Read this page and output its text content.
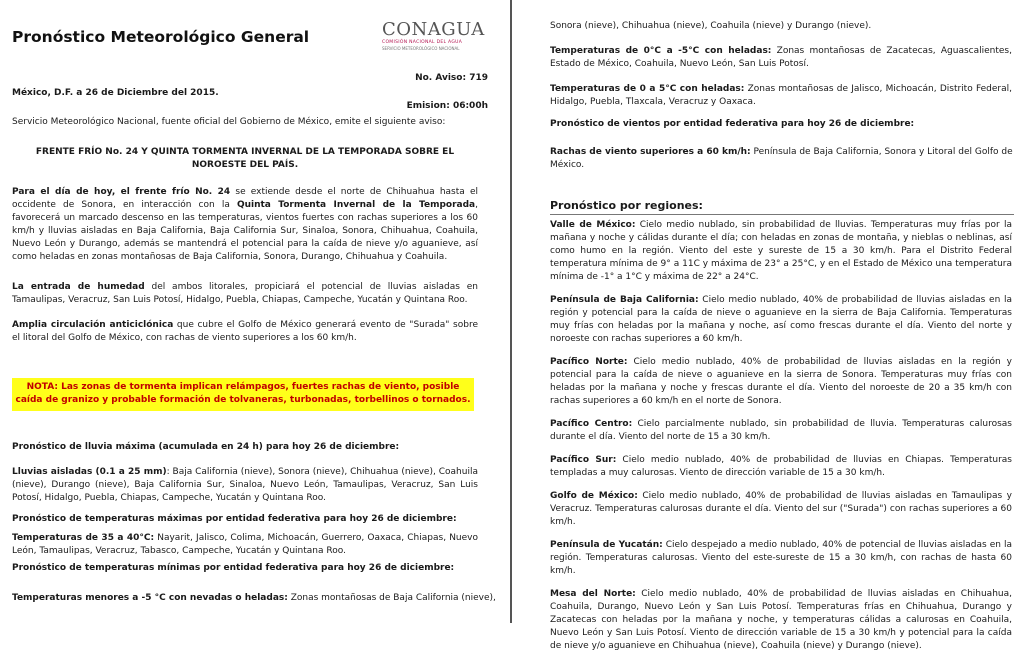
Pronóstico Meteorológico General	CONAGUA
COMISIÓN NACIONAL DEL AGUA
SERVICIO METEOROLÓGICO NACIONAL

No. Aviso: 719

México, D.F. a 26 de Diciembre del 2015.

Emision: 06:00h

Servicio Meteorológico Nacional, fuente oficial del Gobierno de México, emite el siguiente aviso:

FRENTE FRÍO No. 24 Y QUINTA TORMENTA INVERNAL DE LA TEMPORADA SOBRE EL NOROESTE DEL PAÍS.

Para el día de hoy, el frente frío No. 24 se extiende desde el norte de Chihuahua hasta el occidente de Sonora, en interacción con la Quinta Tormenta Invernal de la Temporada, favorecerá un marcado descenso en las temperaturas, vientos fuertes con rachas superiores a los 60 km/h y lluvias aisladas en Baja California, Baja California Sur, Sinaloa, Sonora, Chihuahua, Coahuila, Nuevo León y Durango, además se mantendrá el potencial para la caída de nieve y/o aguanieve, así como heladas en zonas montañosas de Baja California, Sonora, Durango, Chihuahua y Coahuila.

La entrada de humedad del ambos litorales, propiciará el potencial de lluvias aisladas en Tamaulipas, Veracruz, San Luis Potosí, Hidalgo, Puebla, Chiapas, Campeche, Yucatán y Quintana Roo.

Amplia circulación anticiclónica que cubre el Golfo de México generará evento de "Surada" sobre el litoral del Golfo de México, con rachas de viento superiores a los 60 km/h.

NOTA: Las zonas de tormenta implican relámpagos, fuertes rachas de viento, posible caída de granizo y probable formación de tolvaneras, turbonadas, torbellinos o tornados.

Pronóstico de lluvia máxima (acumulada en 24 h) para hoy 26 de diciembre:

Lluvias aisladas (0.1 a 25 mm): Baja California (nieve), Sonora (nieve), Chihuahua (nieve), Coahuila (nieve), Durango (nieve), Baja California Sur, Sinaloa, Nuevo León, Tamaulipas, Veracruz, San Luis Potosí, Hidalgo, Puebla, Chiapas, Campeche, Yucatán y Quintana Roo.

Pronóstico de temperaturas máximas por entidad federativa para hoy 26 de diciembre:

Temperaturas de 35 a 40°C: Nayarit, Jalisco, Colima, Michoacán, Guerrero, Oaxaca, Chiapas, Nuevo León, Tamaulipas, Veracruz, Tabasco, Campeche, Yucatán y Quintana Roo.

Pronóstico de temperaturas mínimas por entidad federativa para hoy 26 de diciembre:

Temperaturas menores a -5 °C con nevadas o heladas: Zonas montañosas de Baja California (nieve),

Sonora (nieve), Chihuahua (nieve), Coahuila (nieve) y Durango (nieve).

Temperaturas de 0°C a -5°C con heladas: Zonas montañosas de Zacatecas, Aguascalientes, Estado de México, Coahuila, Nuevo León, San Luis Potosí.

Temperaturas de 0 a 5°C con heladas: Zonas montañosas de Jalisco, Michoacán, Distrito Federal, Hidalgo, Puebla, Tlaxcala, Veracruz y Oaxaca.

Pronóstico de vientos por entidad federativa para hoy 26 de diciembre:

Rachas de viento superiores a 60 km/h: Península de Baja California, Sonora y Litoral del Golfo de México.

Pronóstico por regiones:

Valle de México: Cielo medio nublado, sin probabilidad de lluvias. Temperaturas muy frías por la mañana y noche y cálidas durante el día; con heladas en zonas de montaña, y nieblas o neblinas, así como humo en la región. Viento del este y sureste de 15 a 30 km/h. Para el Distrito Federal temperatura mínima de 9° a 11C y máxima de 23° a 25°C, y en el Estado de México una temperatura mínima de -1° a 1°C y máxima de 22° a 24°C.

Península de Baja California: Cielo medio nublado, 40% de probabilidad de lluvias aisladas en la región y potencial para la caída de nieve o aguanieve en la sierra de Baja California. Temperaturas muy frías con heladas por la mañana y noche, así como frescas durante el día. Viento del norte y noroeste con rachas superiores a 60 km/h.

Pacífico Norte: Cielo medio nublado, 40% de probabilidad de lluvias aisladas en la región y potencial para la caída de nieve o aguanieve en la sierra de Sonora. Temperaturas muy frías con heladas por la mañana y noche y frescas durante el día. Viento del noroeste de 20 a 35 km/h con rachas superiores a 60 km/h en el norte de Sonora.

Pacífico Centro: Cielo parcialmente nublado, sin probabilidad de lluvia. Temperaturas calurosas durante el día. Viento del norte de 15 a 30 km/h.

Pacífico Sur: Cielo medio nublado, 40% de probabilidad de lluvias en Chiapas. Temperaturas templadas a muy calurosas. Viento de dirección variable de 15 a 30 km/h.

Golfo de México: Cielo medio nublado, 40% de probabilidad de lluvias aisladas en Tamaulipas y Veracruz. Temperaturas calurosas durante el día. Viento del sur ("Surada") con rachas superiores a 60 km/h.

Península de Yucatán: Cielo despejado a medio nublado, 40% de potencial de lluvias aisladas en la región. Temperaturas calurosas. Viento del este-sureste de 15 a 30 km/h, con rachas de hasta 60 km/h.

Mesa del Norte: Cielo medio nublado, 40% de probabilidad de lluvias aisladas en Chihuahua, Coahuila, Durango, Nuevo León y San Luis Potosí. Temperaturas frías en Chihuahua, Durango y Zacatecas con heladas por la mañana y noche, y temperaturas cálidas a calurosas en Coahuila, Nuevo León y San Luis Potosí. Viento de dirección variable de 15 a 30 km/h y potencial para la caída de nieve y/o aguanieve en Chihuahua (nieve), Coahuila (nieve) y Durango (nieve).
